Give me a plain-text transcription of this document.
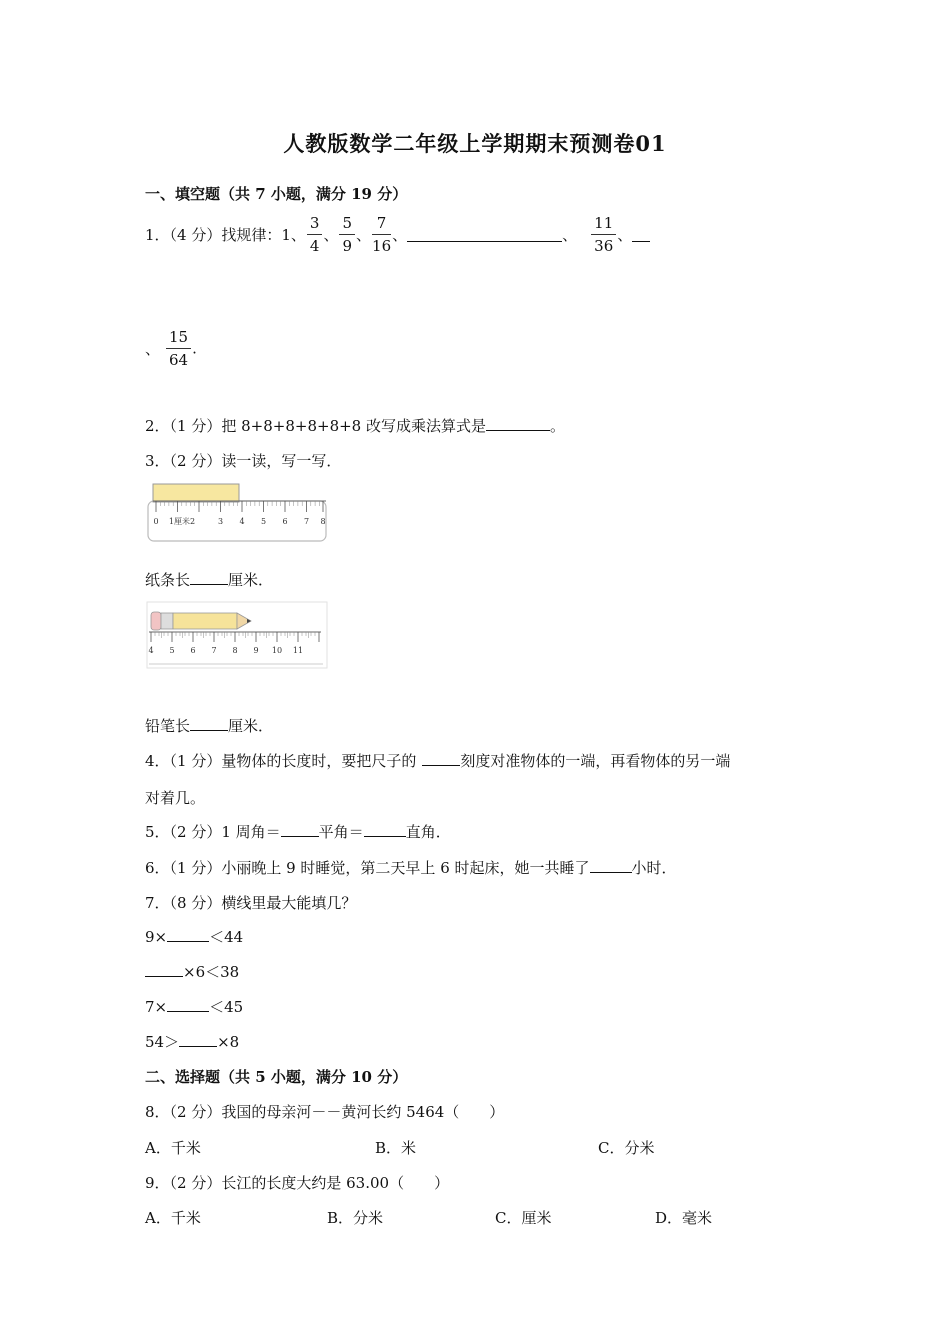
人教版数学二年级上学期期末预测卷01
一、填空题（共 7 小题，满分 19 分）
1．（4 分）找规律：1、 $\frac{3}{4}$ 、 $\frac{5}{9}$ 、 $\frac{7}{16}$ 、	、 $\frac{11}{36}$ 、
、 $\frac{15}{64}$ .
2．（1 分）把 8+8+8+8+8+8 改写成乘法算式是	。
3．（2 分）读一读，写一写．
0 1厘米2	3 4 5 6 7 8
纸条长	厘米．
4 5 6 7 8 9 10 11
铅笔长	厘米．
4．（1 分）量物体的长度时，要把尺子的	刻度对准物体的一端，再看物体的另一端
对着几。
5．（2 分）1 周角＝	平角＝	直角．
6．（1 分）小丽晚上 9 时睡觉，第二天早上 6 时起床，她一共睡了	小时．
7．（8 分）横线里最大能填几？
9×	＜44
×6＜38
7×	＜45
54＞	×8
二、选择题（共 5 小题，满分 10 分）
8．（2 分）我国的母亲河－－黄河长约 5464（　　）
A．千米	B．米	C．分米
9．（2 分）长江的长度大约是 63.00（　　）
A．千米	B．分米	C．厘米	D．毫米
